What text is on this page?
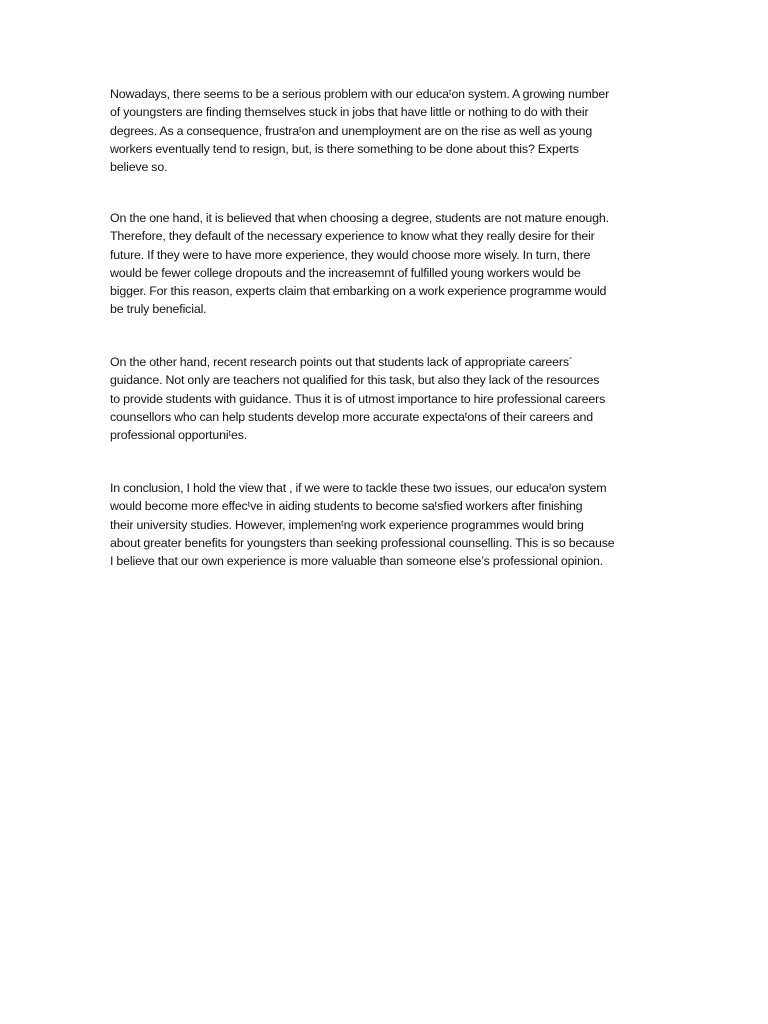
Nowadays, there seems to be a serious problem with our educaᵗon system. A growing number
of youngsters are finding themselves stuck in jobs that have little or nothing to do with their
degrees. As a consequence, frustraᵗon and unemployment are on the rise as well as young
workers eventually tend to resign, but, is there something to be done about this? Experts
believe so.
On the one hand, it is believed that when choosing a degree, students are not mature enough.
Therefore, they default of the necessary experience to know what they really desire for their
future. If they were to have more experience, they would choose more wisely. In turn, there
would be fewer college dropouts and the increasemnt of fulfilled young workers would be
bigger. For this reason, experts claim that embarking on a work experience programme would
be truly beneficial.
On the other hand, recent research points out that students lack of appropriate careers´
guidance. Not only are teachers not qualified for this task, but also they lack of the resources
to provide students with guidance. Thus it is of utmost importance to hire professional careers
counsellors who can help students develop more accurate expectaᵗons of their careers and
professional opportuniᵗes.
In conclusion, I hold the view that , if we were to tackle these two issues, our educaᵗon system
would become more effecᵗve in aiding students to become saᵗsfied workers after finishing
their university studies. However, implemenᵗng work experience programmes would bring
about greater benefits for youngsters than seeking professional counselling. This is so because
I believe that our own experience is more valuable than someone else’s professional opinion.
